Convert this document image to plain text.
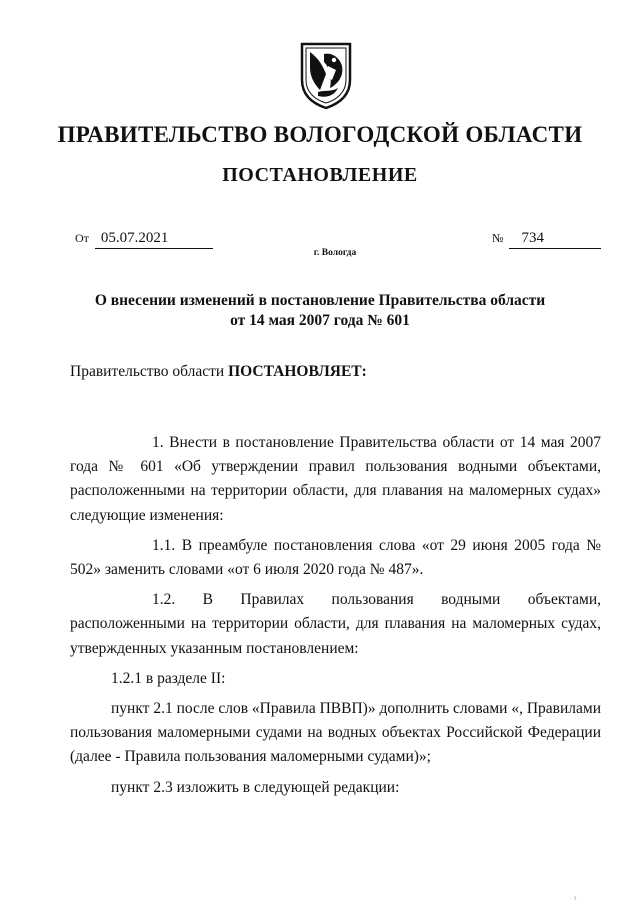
ПРАВИТЕЛЬСТВО ВОЛОГОДСКОЙ ОБЛАСТИ
ПОСТАНОВЛЕНИЕ
От 05.07.2021	№ 734
г. Вологда
О внесении изменений в постановление Правительства области
от 14 мая 2007 года № 601
Правительство области ПОСТАНОВЛЯЕТ:

1. Внести в постановление Правительства области от 14 мая 2007 года № 601 «Об утверждении правил пользования водными объектами, расположенными на территории области, для плавания на маломерных судах» следующие изменения:

1.1. В преамбуле постановления слова «от 29 июня 2005 года № 502» заменить словами «от 6 июля 2020 года № 487».

1.2. В Правилах пользования водными объектами, расположенными на территории области, для плавания на маломерных судах, утвержденных указанным постановлением:

1.2.1 в разделе II:

пункт 2.1 после слов «Правила ПВВП)» дополнить словами «, Правилами пользования маломерными судами на водных объектах Российской Федерации (далее - Правила пользования маломерными судами)»;

пункт 2.3 изложить в следующей редакции:

· 1 ·
